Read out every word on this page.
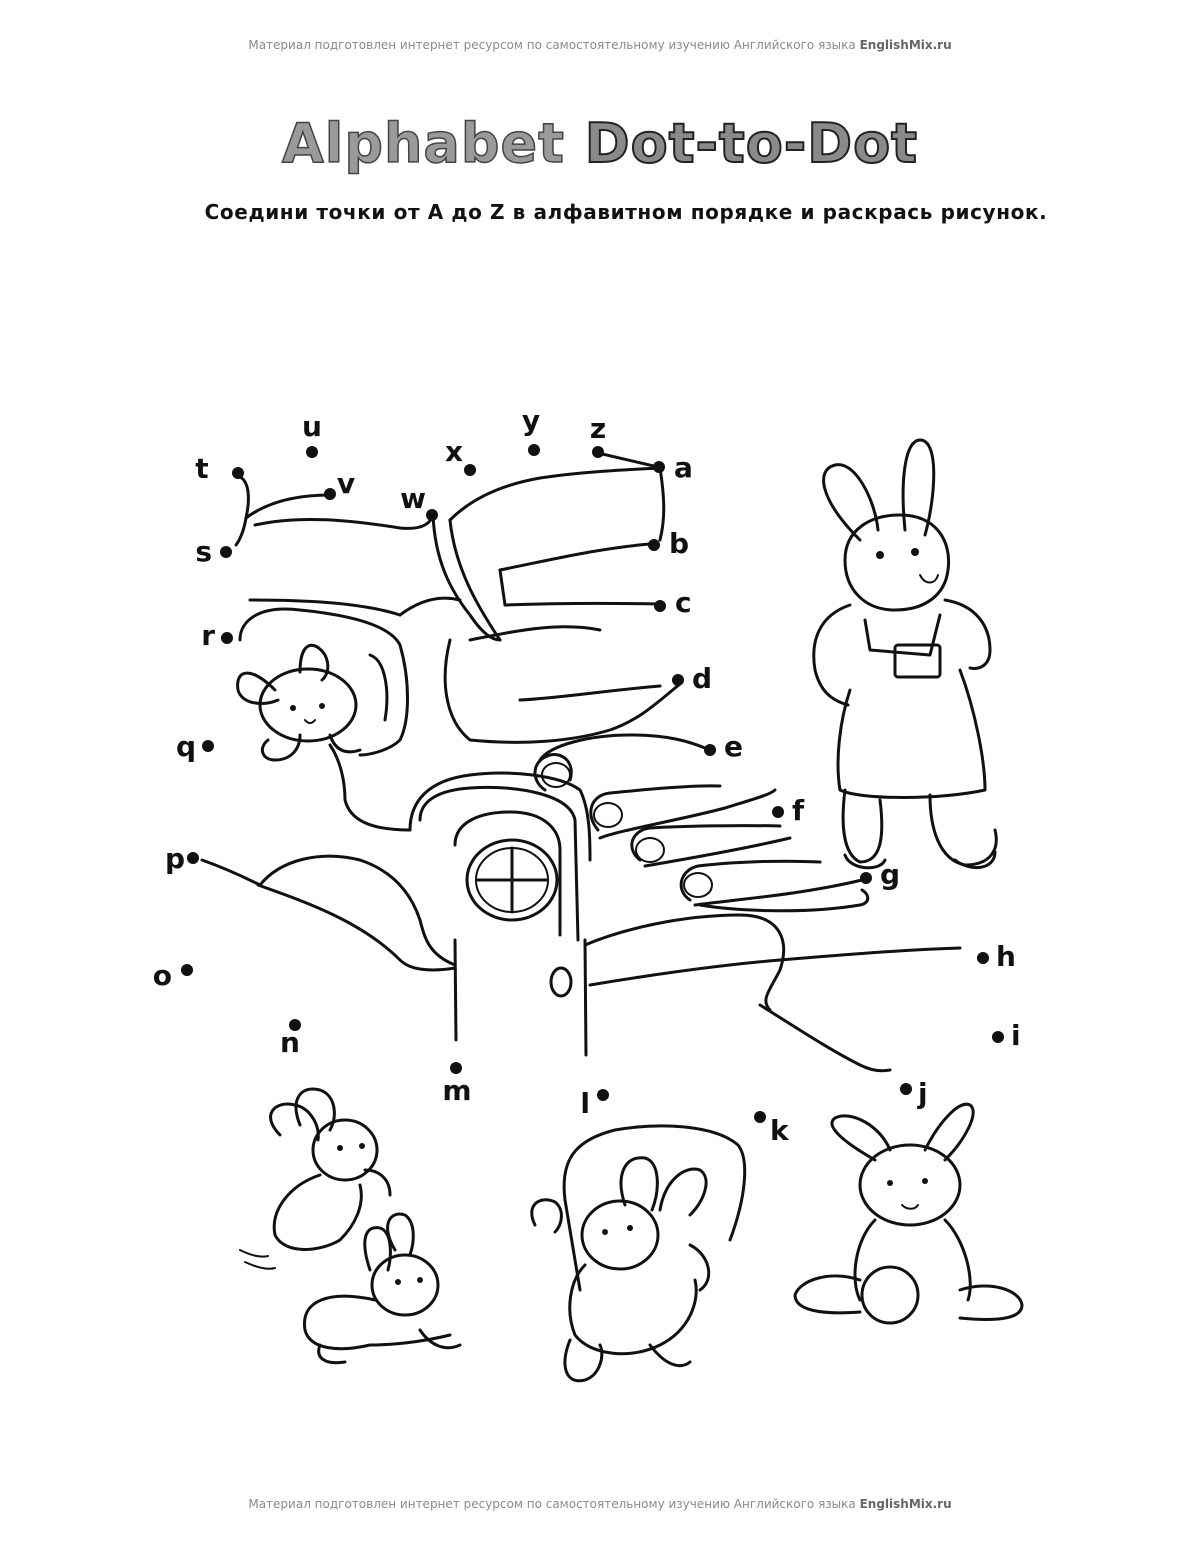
Материал подготовлен интернет ресурсом по самостоятельному изучению Английского языка EnglishMix.ru
Alphabet Dot-to-Dot
Соедини точки от A до Z в алфавитном порядке и раскрась рисунок.
a
b
c
d
e
f
g
h
i
j
k
l
m
n
o
p
q
r
s
t
u
v w
x
y z
Материал подготовлен интернет ресурсом по самостоятельному изучению Английского языка EnglishMix.ru
